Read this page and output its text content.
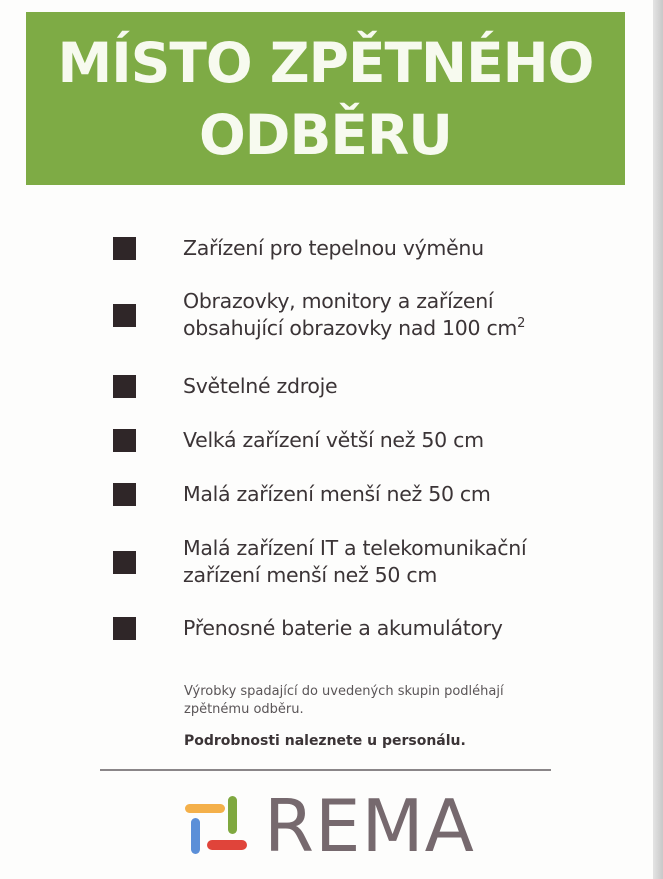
MÍSTO ZPĚTNÉHO
ODBĚRU
Zařízení pro tepelnou výměnu
Obrazovky, monitory a zařízení
obsahující obrazovky nad 100 $cm^2$
Světelné zdroje
Velká zařízení větší než 50 cm
Malá zařízení menší než 50 cm
Malá zařízení IT a telekomunikační
zařízení menší než 50 cm
Přenosné baterie a akumulátory
Výrobky spadající do uvedených skupin podléhají
zpětnému odběru.
Podrobnosti naleznete u personálu.
REMA
